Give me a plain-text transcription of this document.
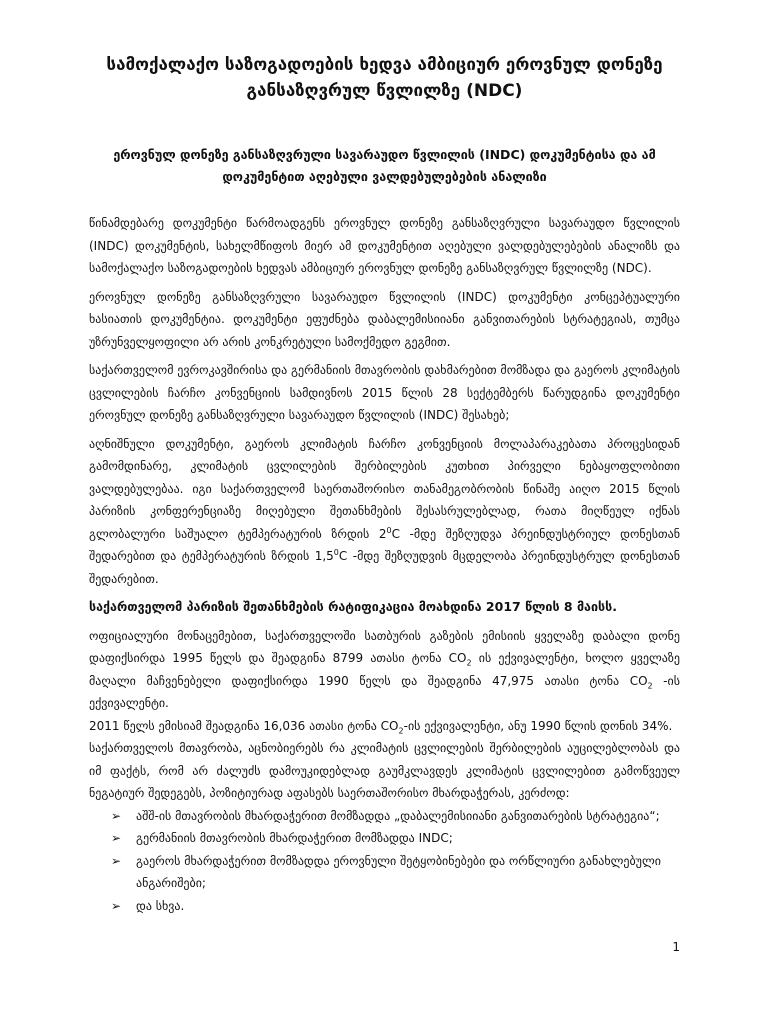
სამოქალაქო საზოგადოების ხედვა ამბიციურ ეროვნულ დონეზე
განსაზღვრულ წვლილზე (NDC)
ეროვნულ დონეზე განსაზღვრული სავარაუდო წვლილის (INDC) დოკუმენტისა და ამ
დოკუმენტით აღებული ვალდებულებების ანალიზი

წინამდებარე დოკუმენტი წარმოადგენს ეროვნულ დონეზე განსაზღვრული სავარაუდო წვლილის (INDC) დოკუმენტის, სახელმწიფოს მიერ ამ დოკუმენტით აღებული ვალდებულებების ანალიზს და სამოქალაქო საზოგადოების ხედვას ამბიციურ ეროვნულ დონეზე განსაზღვრულ წვლილზე (NDC).

ეროვნულ დონეზე განსაზღვრული სავარაუდო წვლილის (INDC) დოკუმენტი კონცეპტუალური ხასიათის დოკუმენტია. დოკუმენტი ეფუძნება დაბალემისიიანი განვითარების სტრატეგიას, თუმცა უზრუნველყოფილი არ არის კონკრეტული სამოქმედო გეგმით.

საქართველომ ევროკავშირისა და გერმანიის მთავრობის დახმარებით მომზადა და გაეროს კლიმატის ცვლილების ჩარჩო კონვენციის სამდივნოს 2015 წლის 28 სექტემბერს წარუდგინა დოკუმენტი ეროვნულ დონეზე განსაზღვრული სავარაუდო წვლილის (INDC) შესახებ;

აღნიშნული დოკუმენტი, გაეროს კლიმატის ჩარჩო კონვენციის მოლაპარაკებათა პროცესიდან გამომდინარე, კლიმატის ცვლილების შერბილების კუთხით პირველი ნებაყოფლობითი ვალდებულებაა. იგი საქართველომ საერთაშორისო თანამეგობრობის წინაშე აიღო 2015 წლის პარიზის კონფერენციაზე მიღებული შეთანხმების შესასრულებლად, რათა მიღწეულ იქნას გლობალური საშუალო ტემპერატურის ზრდის $2^0C$ -მდე შეზღუდვა პრეინდუსტრიულ დონესთან შედარებით და ტემპერატურის ზრდის $1,5^0C$ -მდე შეზღუდვის მცდელობა პრეინდუსტრულ დონესთან შედარებით.

საქართველომ პარიზის შეთანხმების რატიფიკაცია მოახდინა 2017 წლის 8 მაისს.

ოფიციალური მონაცემებით, საქართველოში სათბურის გაზების ემისიის ყველაზე დაბალი დონე დაფიქსირდა 1995 წელს და შეადგინა 8799 ათასი ტონა $CO_2$ ის ექვივალენტი, ხოლო ყველაზე მაღალი მაჩვენებელი დაფიქსირდა 1990 წელს და შეადგინა 47,975 ათასი ტონა $CO_2$ -ის ექვივალენტი.

2011 წელს ემისიამ შეადგინა 16,036 ათასი ტონა $CO_2-ის$ ექვივალენტი, ანუ 1990 წლის დონის 34%.

საქართველოს მთავრობა, აცნობიერებს რა კლიმატის ცვლილების შერბილების აუცილებლობას და იმ ფაქტს, რომ არ ძალუძს დამოუკიდებლად გაუმკლავდეს კლიმატის ცვლილებით გამოწვეულ ნეგატიურ შედეგებს, პოზიტიურად აფასებს საერთაშორისო მხარდაჭერას, კერძოდ:

➢ აშშ-ის მთავრობის მხარდაჭერით მომზადდა „დაბალემისიიანი განვითარების სტრატეგია“;
➢ გერმანიის მთავრობის მხარდაჭერით მომზადდა INDC;
➢ გაეროს მხარდაჭერით მომზადდა ეროვნული შეტყობინებები და ორწლიური განახლებული ანგარიშები;
➢ და სხვა.
1
